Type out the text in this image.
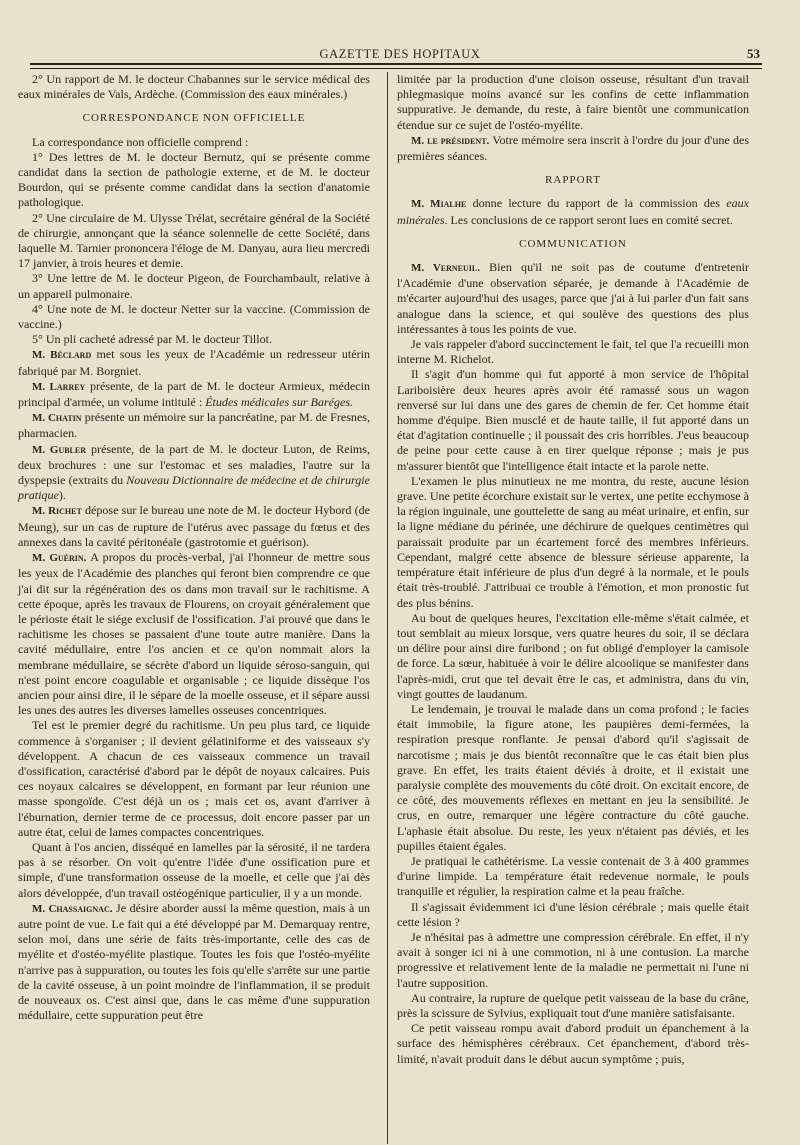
GAZETTE DES HOPITAUX	53

2° Un rapport de M. le docteur Chabannes sur le service médical des eaux minérales de Vals, Ardèche. (Commission des eaux minérales.)

CORRESPONDANCE NON OFFICIELLE

La correspondance non officielle comprend :

1° Des lettres de M. le docteur Bernutz, qui se présente comme candidat dans la section de pathologie externe, et de M. le docteur Bourdon, qui se présente comme candidat dans la section d'anatomie pathologique.

2° Une circulaire de M. Ulysse Trélat, secrétaire général de la Société de chirurgie, annonçant que la séance solennelle de cette Société, dans laquelle M. Tarnier prononcera l'éloge de M. Danyau, aura lieu mercredi 17 janvier, à trois heures et demie.

3° Une lettre de M. le docteur Pigeon, de Fourchambault, relative à un appareil pulmonaire.

4° Une note de M. le docteur Netter sur la vaccine. (Commission de vaccine.)

5° Un pli cacheté adressé par M. le docteur Tillot.

M. Béclard met sous les yeux de l'Académie un redresseur utérin fabriqué par M. Borgniet.

M. Larrey présente, de la part de M. le docteur Armieux, médecin principal d'armée, un volume intitulé : Études médicales sur Baréges.

M. Chatin présente un mémoire sur la pancréatine, par M. de Fresnes, pharmacien.

M. Gubler présente, de la part de M. le docteur Luton, de Reims, deux brochures : une sur l'estomac et ses maladies, l'autre sur la dyspepsie (extraits du Nouveau Dictionnaire de médecine et de chirurgie pratique).

M. Richet dépose sur le bureau une note de M. le docteur Hybord (de Meung), sur un cas de rupture de l'utérus avec passage du fœtus et des annexes dans la cavité péritonéale (gastrotomie et guérison).

M. Guérin. A propos du procès-verbal, j'ai l'honneur de mettre sous les yeux de l'Académie des planches qui feront bien comprendre ce que j'ai dit sur la régénération des os dans mon travail sur le rachitisme. A cette époque, après les travaux de Flourens, on croyait généralement que le périoste était le siége exclusif de l'ossification. J'ai prouvé que dans le rachitisme les choses se passaient d'une toute autre manière. Dans la cavité médullaire, entre l'os ancien et ce qu'on nommait alors la membrane médullaire, se sécrète d'abord un liquide séroso-sanguin, qui n'est point encore coagulable et organisable ; ce liquide dissèque l'os ancien pour ainsi dire, il le sépare de la moelle osseuse, et il sépare aussi les unes des autres les diverses lamelles osseuses concentriques.

Tel est le premier degré du rachitisme. Un peu plus tard, ce liquide commence à s'organiser ; il devient gélatiniforme et des vaisseaux s'y développent. A chacun de ces vaisseaux commence un travail d'ossification, caractérisé d'abord par le dépôt de noyaux calcaires. Puis ces noyaux calcaires se développent, en formant par leur réunion une masse spongoïde. C'est déjà un os ; mais cet os, avant d'arriver à l'éburnation, dernier terme de ce processus, doit encore passer par un autre état, celui de lames compactes concentriques.

Quant à l'os ancien, disséqué en lamelles par la sérosité, il ne tardera pas à se résorber. On voit qu'entre l'idée d'une ossification pure et simple, d'une transformation osseuse de la moelle, et celle que j'ai dès alors développée, d'un travail ostéogénique particulier, il y a un monde.

M. Chassaignac. Je désire aborder aussi la même question, mais à un autre point de vue. Le fait qui a été développé par M. Demarquay rentre, selon moi, dans une série de faits très-importante, celle des cas de myélite et d'ostéo-myélite plastique. Toutes les fois que l'ostéo-myélite n'arrive pas à suppuration, ou toutes les fois qu'elle s'arrête sur une partie de la cavité osseuse, à un point moindre de l'inflammation, il se produit de nouveaux os. C'est ainsi que, dans le cas même d'une suppuration médullaire, cette suppuration peut être

limitée par la production d'une cloison osseuse, résultant d'un travail phlegmasique moins avancé sur les confins de cette inflammation suppurative. Je demande, du reste, à faire bientôt une communication étendue sur ce sujet de l'ostéo-myélite.

M. le président. Votre mémoire sera inscrit à l'ordre du jour d'une des premières séances.

RAPPORT

M. Mialhe donne lecture du rapport de la commission des eaux minérales. Les conclusions de ce rapport seront lues en comité secret.

COMMUNICATION

M. Verneuil. Bien qu'il ne soit pas de coutume d'entretenir l'Académie d'une observation séparée, je demande à l'Académie de m'écarter aujourd'hui des usages, parce que j'ai à lui parler d'un fait sans analogue dans la science, et qui soulève des questions des plus intéressantes à tous les points de vue.

Je vais rappeler d'abord succinctement le fait, tel que l'a recueilli mon interne M. Richelot.

Il s'agit d'un homme qui fut apporté à mon service de l'hôpital Lariboisière deux heures après avoir été ramassé sous un wagon renversé sur lui dans une des gares de chemin de fer. Cet homme était homme d'équipe. Bien musclé et de haute taille, il fut apporté dans un état d'agitation continuelle ; il poussait des cris horribles. J'eus beaucoup de peine pour cette cause à en tirer quelque réponse ; mais je pus m'assurer bientôt que l'intelligence était intacte et la parole nette.

L'examen le plus minutieux ne me montra, du reste, aucune lésion grave. Une petite écorchure existait sur le vertex, une petite ecchymose à la région inguinale, une gouttelette de sang au méat urinaire, et enfin, sur la ligne médiane du périnée, une déchirure de quelques centimètres qui paraissait produite par un écartement forcé des membres inférieurs. Cependant, malgré cette absence de blessure sérieuse apparente, la température était inférieure de plus d'un degré à la normale, et le pouls était très-troublé. J'attribuai ce trouble à l'émotion, et mon pronostic fut des plus bénins.

Au bout de quelques heures, l'excitation elle-même s'était calmée, et tout semblait au mieux lorsque, vers quatre heures du soir, il se déclara un délire pour ainsi dire furibond ; on fut obligé d'employer la camisole de force. La sœur, habituée à voir le délire alcoolique se manifester dans l'après-midi, crut que tel devait être le cas, et administra, dans du vin, vingt gouttes de laudanum.

Le lendemain, je trouvai le malade dans un coma profond ; le facies était immobile, la figure atone, les paupières demi-fermées, la respiration presque ronflante. Je pensai d'abord qu'il s'agissait de narcotisme ; mais je dus bientôt reconnaître que le cas était bien plus grave. En effet, les traits étaient déviés à droite, et il existait une paralysie complète des mouvements du côté droit. On excitait encore, de ce côté, des mouvements réflexes en mettant en jeu la sensibilité. Je crus, en outre, remarquer une légère contracture du côté gauche. L'aphasie était absolue. Du reste, les yeux n'étaient pas déviés, et les pupilles étaient égales.

Je pratiquai le cathétérisme. La vessie contenait de 3 à 400 grammes d'urine limpide. La température était redevenue normale, le pouls tranquille et régulier, la respiration calme et la peau fraîche.

Il s'agissait évidemment ici d'une lésion cérébrale ; mais quelle était cette lésion ?

Je n'hésitai pas à admettre une compression cérébrale. En effet, il n'y avait à songer ici ni à une commotion, ni à une contusion. La marche progressive et relativement lente de la maladie ne permettait ni l'une ni l'autre supposition.

Au contraire, la rupture de quelque petit vaisseau de la base du crâne, près la scissure de Sylvius, expliquait tout d'une manière satisfaisante.

Ce petit vaisseau rompu avait d'abord produit un épanchement à la surface des hémisphères cérébraux. Cet épanchement, d'abord très-limité, n'avait produit dans le début aucun symptôme ; puis,
